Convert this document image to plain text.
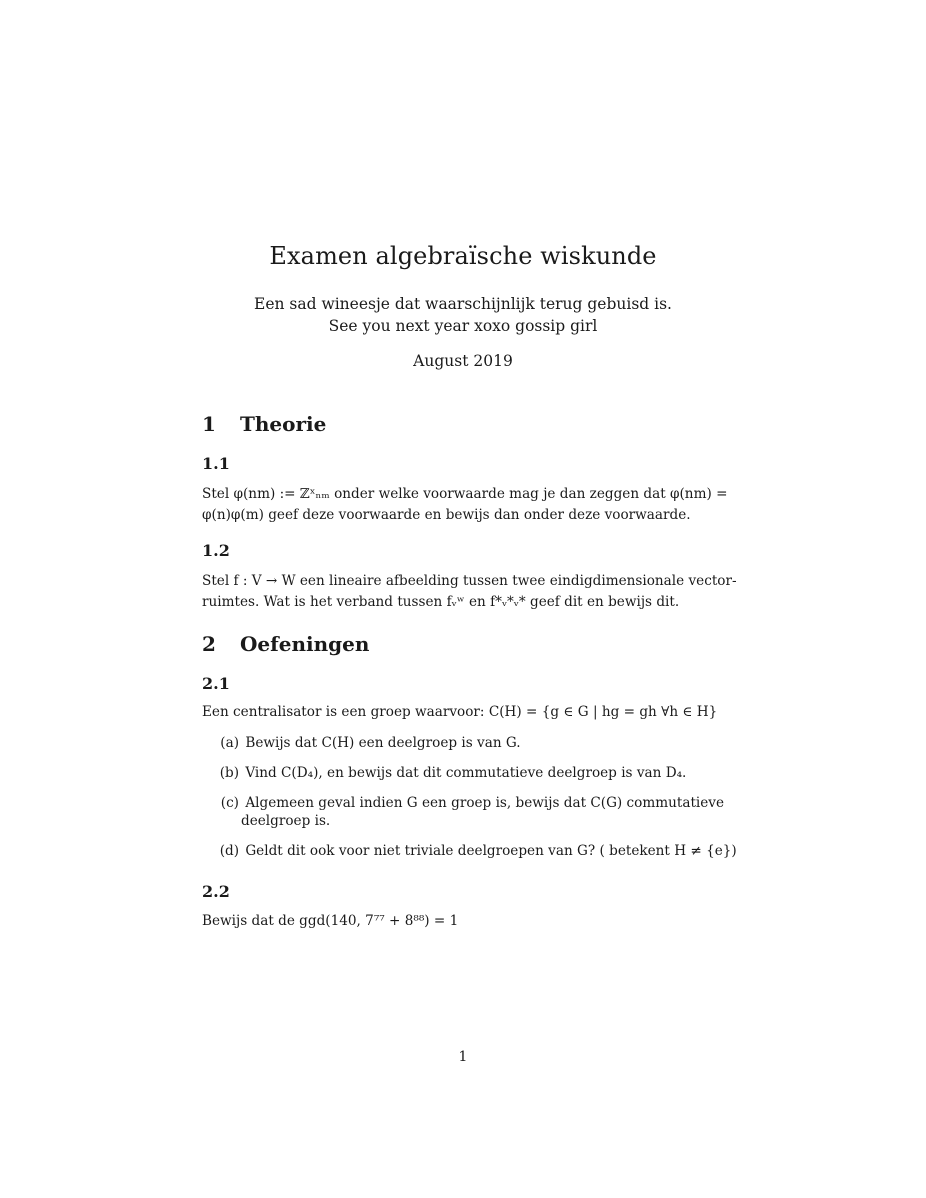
Examen algebraïsche wiskunde
Een sad wineesje dat waarschijnlijk terug gebuisd is.
See you next year xoxo gossip girl
August 2019
1 Theorie
1.1
Stel φ(nm) := ℤˣₙₘ onder welke voorwaarde mag je dan zeggen dat φ(nm) =
φ(n)φ(m) geef deze voorwaarde en bewijs dan onder deze voorwaarde.
1.2
Stel f : V → W een lineaire afbeelding tussen twee eindigdimensionale vector-
ruimtes. Wat is het verband tussen fᵥʷ en f*ᵥ*ᵥ* geef dit en bewijs dit.
2 Oefeningen
2.1
Een centralisator is een groep waarvoor: C(H) = {g ∈ G | hg = gh ∀h ∈ H}
(a) Bewijs dat C(H) een deelgroep is van G.
(b) Vind C(D₄), en bewijs dat dit commutatieve deelgroep is van D₄.
(c) Algemeen geval indien G een groep is, bewijs dat C(G) commutatieve
deelgroep is.
(d) Geldt dit ook voor niet triviale deelgroepen van G? ( betekent H ≠ {e})
2.2
Bewijs dat de ggd(140, 7⁷⁷ + 8⁸⁸) = 1
1
